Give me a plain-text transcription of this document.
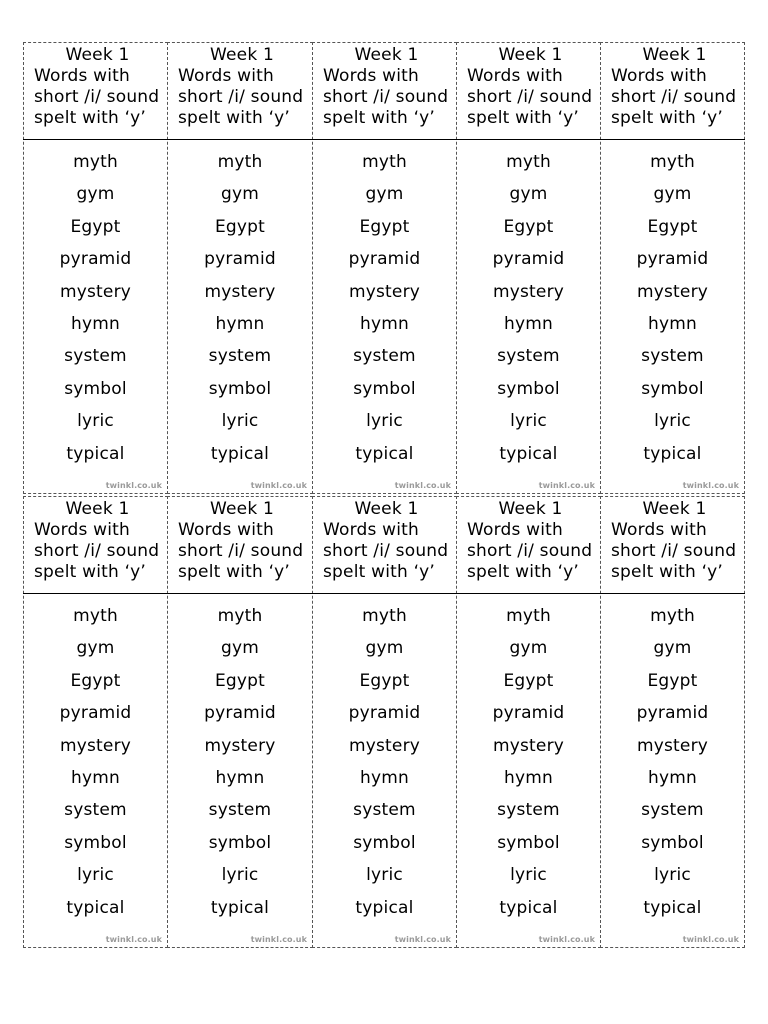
Week 1
Words with short /i/ sound spelt with ‘y’
myth
gym
Egypt
pyramid
mystery
hymn
system
symbol
lyric
typical
twinkl.co.uk
Week 1
Words with short /i/ sound spelt with ‘y’
myth
gym
Egypt
pyramid
mystery
hymn
system
symbol
lyric
typical
twinkl.co.uk
Week 1
Words with short /i/ sound spelt with ‘y’
myth
gym
Egypt
pyramid
mystery
hymn
system
symbol
lyric
typical
twinkl.co.uk
Week 1
Words with short /i/ sound spelt with ‘y’
myth
gym
Egypt
pyramid
mystery
hymn
system
symbol
lyric
typical
twinkl.co.uk
Week 1
Words with short /i/ sound spelt with ‘y’
myth
gym
Egypt
pyramid
mystery
hymn
system
symbol
lyric
typical
twinkl.co.uk
Week 1
Words with short /i/ sound spelt with ‘y’
myth
gym
Egypt
pyramid
mystery
hymn
system
symbol
lyric
typical
twinkl.co.uk
Week 1
Words with short /i/ sound spelt with ‘y’
myth
gym
Egypt
pyramid
mystery
hymn
system
symbol
lyric
typical
twinkl.co.uk
Week 1
Words with short /i/ sound spelt with ‘y’
myth
gym
Egypt
pyramid
mystery
hymn
system
symbol
lyric
typical
twinkl.co.uk
Week 1
Words with short /i/ sound spelt with ‘y’
myth
gym
Egypt
pyramid
mystery
hymn
system
symbol
lyric
typical
twinkl.co.uk
Week 1
Words with short /i/ sound spelt with ‘y’
myth
gym
Egypt
pyramid
mystery
hymn
system
symbol
lyric
typical
twinkl.co.uk
